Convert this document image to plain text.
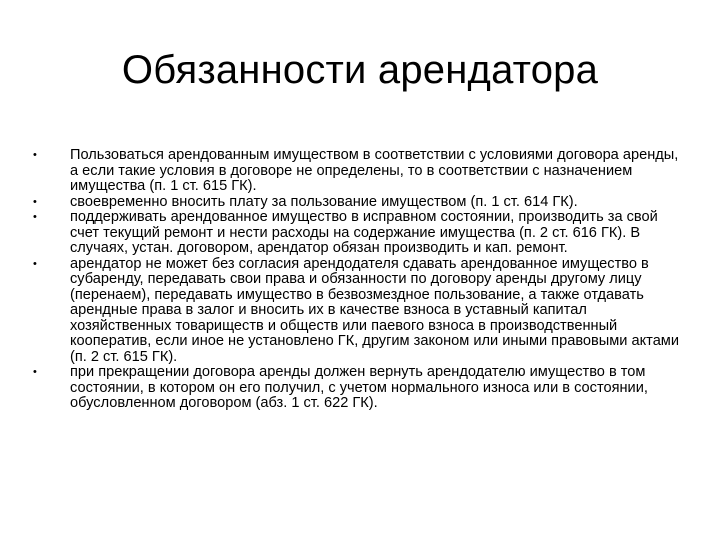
Обязанности арендатора
•	Пользоваться арендованным имуществом в соответствии с условиями договора аренды, а если такие условия в договоре не определены, то в соответствии с назначением имущества (п. 1 ст. 615 ГК).
•	своевременно вносить плату за пользование имуществом (п. 1 ст. 614 ГК).
•	поддерживать арендованное имущество в исправном состоянии, производить за свой счет текущий ремонт и нести расходы на содержание имущества (п. 2 ст. 616 ГК). В случаях, устан. договором, арендатор обязан производить и кап. ремонт.
•	арендатор не может без согласия арендодателя сдавать арендованное имущество в субаренду, передавать свои права и обязанности по договору аренды другому лицу (перенаем), передавать имущество в безвозмездное пользование, а также отдавать арендные права в залог и вносить их в качестве взноса в уставный капитал хозяйственных товариществ и обществ или паевого взноса в производственный кооператив, если иное не установлено ГК, другим законом или иными правовыми актами (п. 2 ст. 615 ГК).
•	при прекращении договора аренды должен вернуть арендодателю имущество в том состоянии, в котором он его получил, с учетом нормального износа или в состоянии, обусловленном договором (абз. 1 ст. 622 ГК).
